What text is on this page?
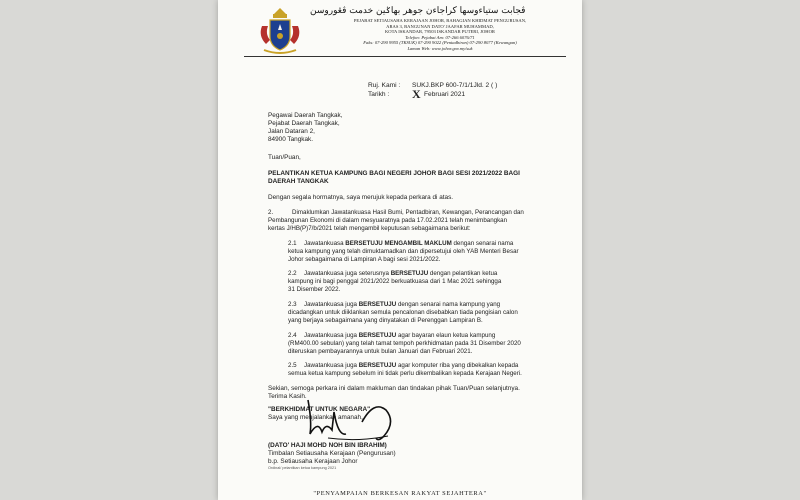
ڤجابت ستياءوسها كراجاءن جوهر بهاݢين خدمت ڤڠوروسن
PEJABAT SETIAUSAHA KERAJAAN JOHOR, BAHAGIAN KHIDMAT PENGURUSAN,
ARAS 3, BANGUNAN DATO' JAAFAR MUHAMMAD,
KOTA ISKANDAR, 79503 ISKANDAR PUTERI, JOHOR
Telefon: Pejabat Am: 07-266 6076/71
Faks: 07-290 9955 (TKSUK) 07-290 9022 (Pentadbiran) 07-290 8077 (Kewangan)
Laman Web: www.johor.gov.my/suk
Ruj. Kami : SUKJ.BKP 600-7/1/1Jld. 2 ( )
Tarikh : X Februari 2021
Pegawai Daerah Tangkak,
Pejabat Daerah Tangkak,
Jalan Dataran 2,
84900 Tangkak.
Tuan/Puan,
PELANTIKAN KETUA KAMPUNG BAGI NEGERI JOHOR BAGI SESI 2021/2022 BAGI
DAERAH TANGKAK
Dengan segala hormatnya, saya merujuk kepada perkara di atas.
2.	Dimaklumkan Jawatankuasa Hasil Bumi, Pentadbiran, Kewangan, Perancangan dan
Pembangunan Ekonomi di dalam mesyuaratnya pada 17.02.2021 telah menimbangkan
kertas J/HB(P)7/b/2021 telah mengambil keputusan sebagaimana berikut:
2.1 Jawatankuasa BERSETUJU MENGAMBIL MAKLUM dengan senarai nama
ketua kampung yang telah dimuktamadkan dan dipersetujui oleh YAB Menteri Besar
Johor sebagaimana di Lampiran A bagi sesi 2021/2022.
2.2 Jawatankuasa juga seterusnya BERSETUJU dengan pelantikan ketua
kampung ini bagi penggal 2021/2022 berkuatkuasa dari 1 Mac 2021 sehingga
31 Disember 2022.
2.3 Jawatankuasa juga BERSETUJU dengan senarai nama kampung yang
dicadangkan untuk diiklankan semula pencalonan disebabkan tiada pengisian calon
yang berjaya sebagaimana yang dinyatakan di Perenggan Lampiran B.
2.4 Jawatankuasa juga BERSETUJU agar bayaran elaun ketua kampung
(RM400.00 sebulan) yang telah tamat tempoh perkhidmatan pada 31 Disember 2020
diteruskan pembayarannya untuk bulan Januari dan Februari 2021.
2.5 Jawatankuasa juga BERSETUJU agar komputer riba yang dibekalkan kepada
semua ketua kampung sebelum ini tidak perlu dikembalikan kepada Kerajaan Negeri.
Sekian, semoga perkara ini dalam makluman dan tindakan pihak Tuan/Puan selanjutnya.
Terima Kasih.
"BERKHIDMAT UNTUK NEGARA"
Saya yang menjalankan amanah,
(DATO' HAJI MOHD NOH BIN IBRAHIM)
Timbalan Setiausaha Kerajaan (Pengurusan)
b.p. Setiausaha Kerajaan Johor
Ordinal/ pelantikan ketua kampung 2021
"PENYAMPAIAN BERKESAN RAKYAT SEJAHTERA"
